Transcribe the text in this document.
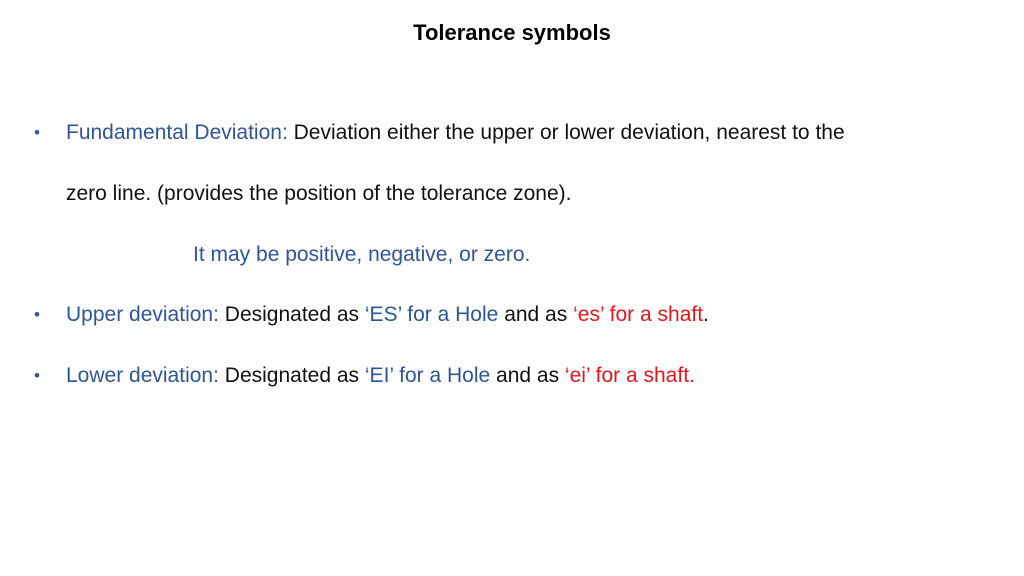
Tolerance symbols
• Fundamental Deviation: Deviation either the upper or lower deviation, nearest to the
zero line. (provides the position of the tolerance zone).
It may be positive, negative, or zero.
• Upper deviation: Designated as ‘ES’ for a Hole and as ‘es’ for a shaft.
• Lower deviation: Designated as ‘EI’ for a Hole and as ‘ei’ for a shaft.
